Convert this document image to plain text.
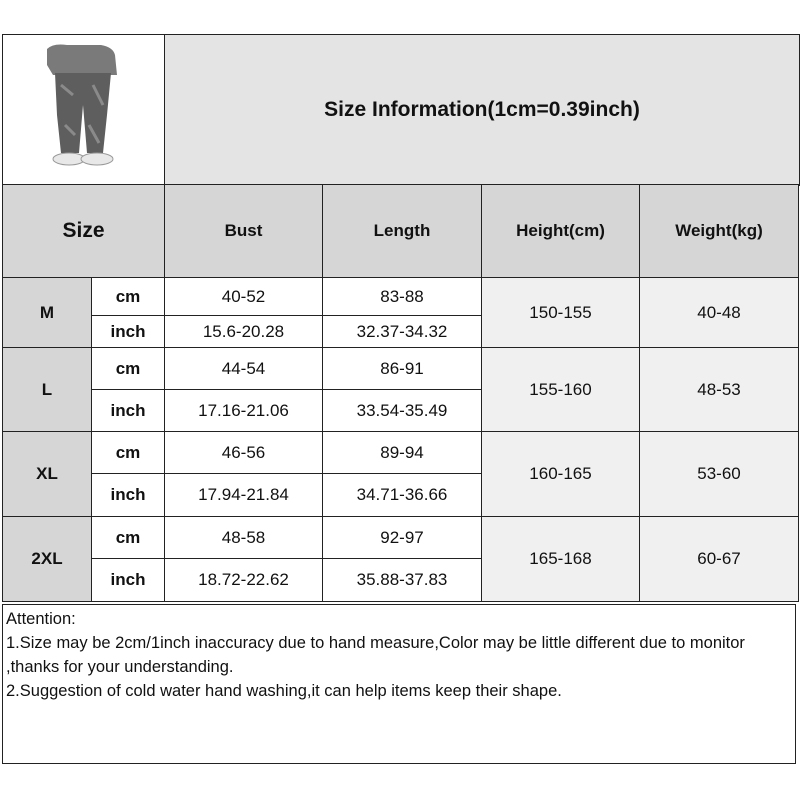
Size Information(1cm=0.39inch)
Size		Bust	Length	Height(cm)	Weight(kg)
M	cm	40-52	83-88	150-155	40-48
	inch	15.6-20.28	32.37-34.32		
L	cm	44-54	86-91	155-160	48-53
	inch	17.16-21.06	33.54-35.49		
XL	cm	46-56	89-94	160-165	53-60
	inch	17.94-21.84	34.71-36.66		
2XL	cm	48-58	92-97	165-168	60-67
	inch	18.72-22.62	35.88-37.83		

Attention:

1.Size may be 2cm/1inch inaccuracy due to hand measure,Color may be little different due to monitor ,thanks for your understanding.

2.Suggestion of cold water hand washing,it can help items keep their shape.
